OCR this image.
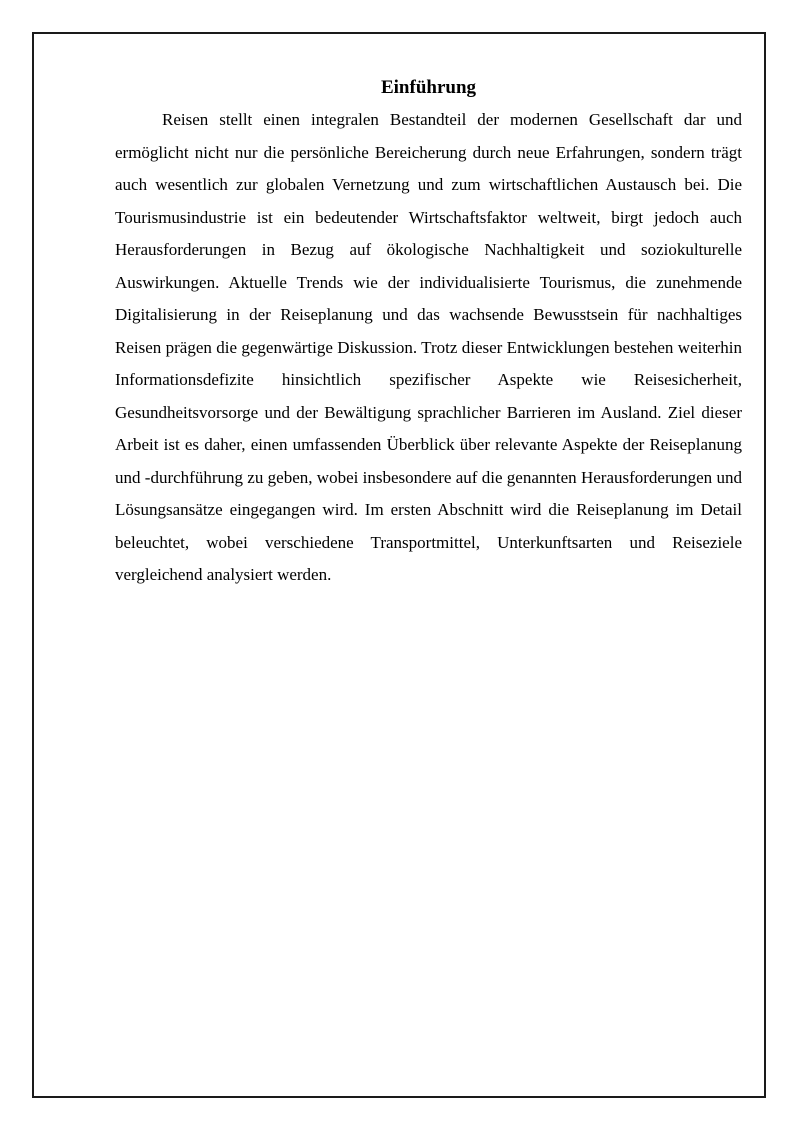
Einführung

Reisen stellt einen integralen Bestandteil der modernen Gesellschaft dar und ermöglicht nicht nur die persönliche Bereicherung durch neue Erfahrungen, sondern trägt auch wesentlich zur globalen Vernetzung und zum wirtschaftlichen Austausch bei. Die Tourismusindustrie ist ein bedeutender Wirtschaftsfaktor weltweit, birgt jedoch auch Herausforderungen in Bezug auf ökologische Nachhaltigkeit und soziokulturelle Auswirkungen. Aktuelle Trends wie der individualisierte Tourismus, die zunehmende Digitalisierung in der Reiseplanung und das wachsende Bewusstsein für nachhaltiges Reisen prägen die gegenwärtige Diskussion. Trotz dieser Entwicklungen bestehen weiterhin Informationsdefizite hinsichtlich spezifischer Aspekte wie Reisesicherheit, Gesundheitsvorsorge und der Bewältigung sprachlicher Barrieren im Ausland. Ziel dieser Arbeit ist es daher, einen umfassenden Überblick über relevante Aspekte der Reiseplanung und -durchführung zu geben, wobei insbesondere auf die genannten Herausforderungen und Lösungsansätze eingegangen wird. Im ersten Abschnitt wird die Reiseplanung im Detail beleuchtet, wobei verschiedene Transportmittel, Unterkunftsarten und Reiseziele vergleichend analysiert werden.
